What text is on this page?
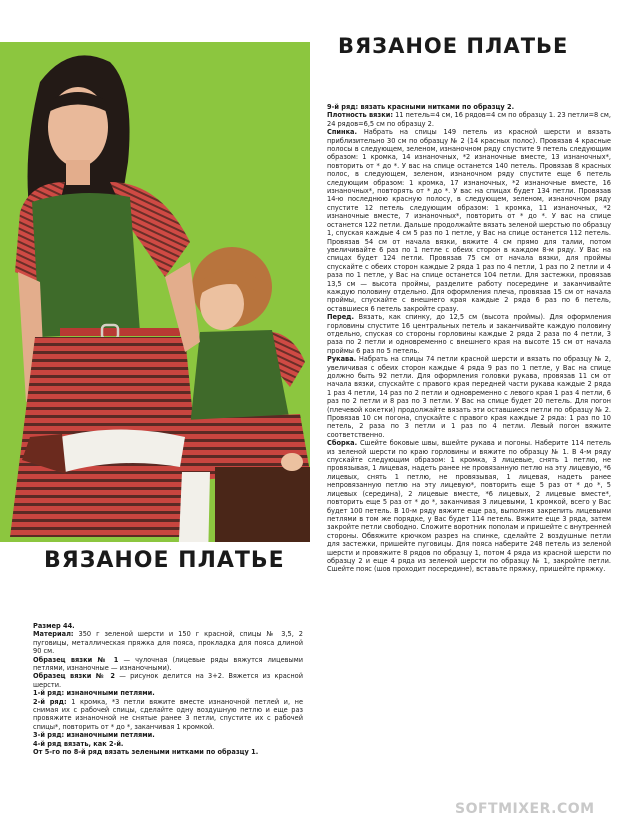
ВЯЗАНОЕ ПЛАТЬЕ
ВЯЗАНОЕ ПЛАТЬЕ

9-й ряд: вязать красными нитками по образцу 2.

Плотность вязки: 11 петель=4 см, 16 рядов=4 см по образцу 1. 23 петли=8 см, 24 рядов=6,5 см по образцу 2.

Спинка. Набрать на спицы 149 петель из красной шерсти и вязать приблизительно 30 см по образцу № 2 (14 красных полос). Провязав 4 красные полосы в следующем, зеленом, изнаночном ряду спустите 9 петель следующим образом: 1 кромка, 14 изнаночных, *2 изнаночные вместе, 13 изнаночных*, повторить от * до *. У вас на спице останется 140 петель. Провязав 8 красных полос, в следующем, зеленом, изнаночном ряду спустите еще 6 петель следующим образом: 1 кромка, 17 изнаночных, *2 изнаночные вместе, 16 изнаночных*, повторять от * до *. У вас на спицах будет 134 петли. Провязав 14-ю последнюю красную полосу, в следующем, зеленом, изнаночном ряду спустите 12 петель следующим образом: 1 кромка, 11 изнаночных, *2 изнаночные вместе, 7 изнаночных*, повторить от * до *. У вас на спице останется 122 петли. Дальше продолжайте вязать зеленой шерстью по образцу 1, спуская каждые 4 см 5 раз по 1 петле, у Вас на спице останется 112 петель. Провязав 54 см от начала вязки, вяжите 4 см прямо для талии, потом увеличивайте 6 раз по 1 петле с обеих сторон в каждом 8-м ряду. У Вас на спицах будет 124 петли. Провязав 75 см от начала вязки, для проймы спускайте с обеих сторон каждые 2 ряда 1 раз по 4 петли, 1 раз по 2 петли и 4 раза по 1 петле, у Вас на спице останется 104 петли. Для застежки, провязав 13,5 см — высота проймы, разделите работу посередине и заканчивайте каждую половину отдельно. Для оформления плеча, провязав 15 см от начала проймы, спускайте с внешнего края каждые 2 ряда 6 раз по 6 петель, оставшиеся 6 петель закройте сразу.

Перед. Вязать, как спинку, до 12,5 см (высота проймы). Для оформления горловины спустите 16 центральных петель и заканчивайте каждую половину отдельно, спуская со стороны горловины каждые 2 ряда 2 раза по 4 петли, 3 раза по 2 петли и одновременно с внешнего края на высоте 15 см от начала проймы 6 раз по 5 петель.

Рукава. Набрать на спицы 74 петли красной шерсти и вязать по образцу № 2, увеличивая с обеих сторон каждые 4 ряда 9 раз по 1 петле, у Вас на спице должно быть 92 петли. Для оформления головки рукава, провязав 11 см от начала вязки, спускайте с правого края передней части рукава каждые 2 ряда 1 раз 4 петли, 14 раз по 2 петли и одновременно с левого края 1 раз 4 петли, 6 раз по 2 петли и 8 раз по 3 петли. У Вас на спице будет 20 петель. Для погон (плечевой кокетки) продолжайте вязать эти оставшиеся петли по образцу № 2. Провязав 10 см погона, спускайте с правого края каждые 2 ряда: 1 раз по 10 петель, 2 раза по 3 петли и 1 раз по 4 петли. Левый погон вяжите соответственно.

Сборка. Сшейте боковые швы, вшейте рукава и погоны. Наберите 114 петель из зеленой шерсти по краю горловины и вяжите по образцу № 1. В 4-м ряду спускайте следующим образом: 1 кромка, 3 лицевые, снять 1 петлю, не провязывая, 1 лицевая, надеть ранее не провязанную петлю на эту лицевую, *6 лицевых, снять 1 петлю, не провязывая, 1 лицевая, надеть ранее непровязанную петлю на эту лицевую*, повторить еще 5 раз от * до *, 5 лицевых (середина), 2 лицевые вместе, *6 лицевых, 2 лицевые вместе*, повторить еще 5 раз от * до *, заканчивая 3 лицевыми, 1 кромкой, всего у Вас будет 100 петель. В 10-м ряду вяжите еще раз, выполняя закрепить лицевыми петлями в том же порядке, у Вас будет 114 петель. Вяжите еще 3 ряда, затем закройте петли свободно. Сложите воротник пополам и пришейте с внутренней стороны. Обвяжите крючком разрез на спинке, сделайте 2 воздушные петли для застежки, пришейте пуговицы. Для пояса наберите 248 петель из зеленой шерсти и провяжите 8 рядов по образцу 1, потом 4 ряда из красной шерсти по образцу 2 и еще 4 ряда из зеленой шерсти по образцу № 1, закройте петли. Сшейте пояс (шов проходит посередине), вставьте пряжку, пришейте пряжку.

Размер 44.

Материал: 350 г зеленой шерсти и 150 г красной, спицы № 3,5, 2 пуговицы, металлическая пряжка для пояса, прокладка для пояса длиной 90 см.

Образец вязки № 1 — чулочная (лицевые ряды вяжутся лицевыми петлями, изнаночные — изнаночными).

Образец вязки № 2 — рисунок делится на 3+2. Вяжется из красной шерсти.

1-й ряд: изнаночными петлями.

2-й ряд: 1 кромка, *3 петли вяжите вместе изнаночной петлей и, не снимая их с рабочей спицы, сделайте одну воздушную петлю и еще раз провяжите изнаночной не снятые ранее 3 петли, спустите их с рабочей спицы*, повторить от * до *, заканчивая 1 кромкой.

3-й ряд: изнаночными петлями.

4-й ряд вязать, как 2-й.

От 5-го по 8-й ряд вязать зелеными нитками по образцу 1.

SOFTMIXER.COM
